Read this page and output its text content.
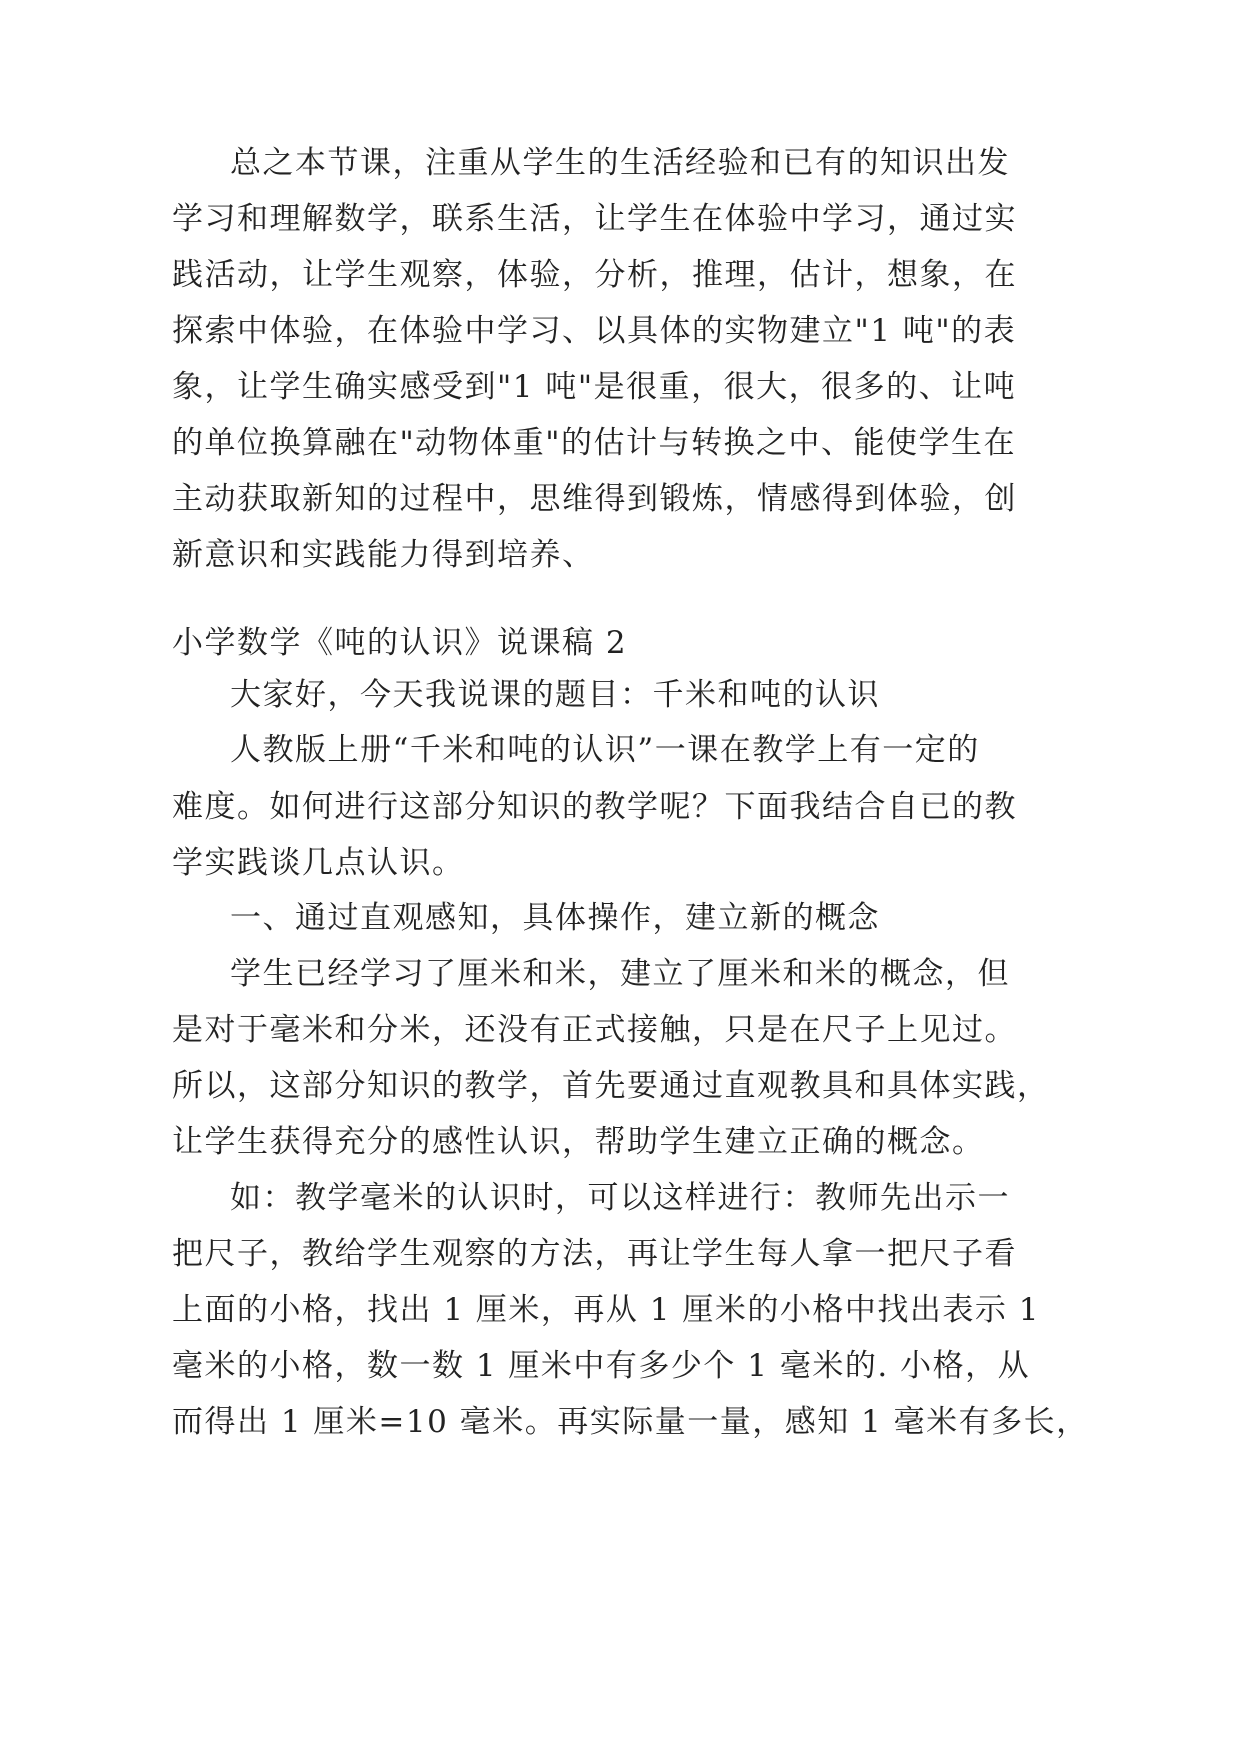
总之本节课，注重从学生的生活经验和已有的知识出发
学习和理解数学，联系生活，让学生在体验中学习，通过实
践活动，让学生观察，体验，分析，推理，估计，想象，在
探索中体验，在体验中学习、以具体的实物建立"1 吨"的表
象，让学生确实感受到"1 吨"是很重，很大，很多的、让吨
的单位换算融在"动物体重"的估计与转换之中、能使学生在
主动获取新知的过程中，思维得到锻炼，情感得到体验，创
新意识和实践能力得到培养、
小学数学《吨的认识》说课稿 2
大家好，今天我说课的题目：千米和吨的认识
人教版上册“千米和吨的认识”一课在教学上有一定的
难度。如何进行这部分知识的教学呢？下面我结合自已的教
学实践谈几点认识。
一、通过直观感知，具体操作，建立新的概念
学生已经学习了厘米和米，建立了厘米和米的概念，但
是对于毫米和分米，还没有正式接触，只是在尺子上见过。
所以，这部分知识的教学，首先要通过直观教具和具体实践，
让学生获得充分的感性认识，帮助学生建立正确的概念。
如：教学毫米的认识时，可以这样进行：教师先出示一
把尺子，教给学生观察的方法，再让学生每人拿一把尺子看
上面的小格，找出 1 厘米，再从 1 厘米的小格中找出表示 1
毫米的小格，数一数 1 厘米中有多少个 1 毫米的. 小格，从
而得出 1 厘米=10 毫米。再实际量一量，感知 1 毫米有多长，
